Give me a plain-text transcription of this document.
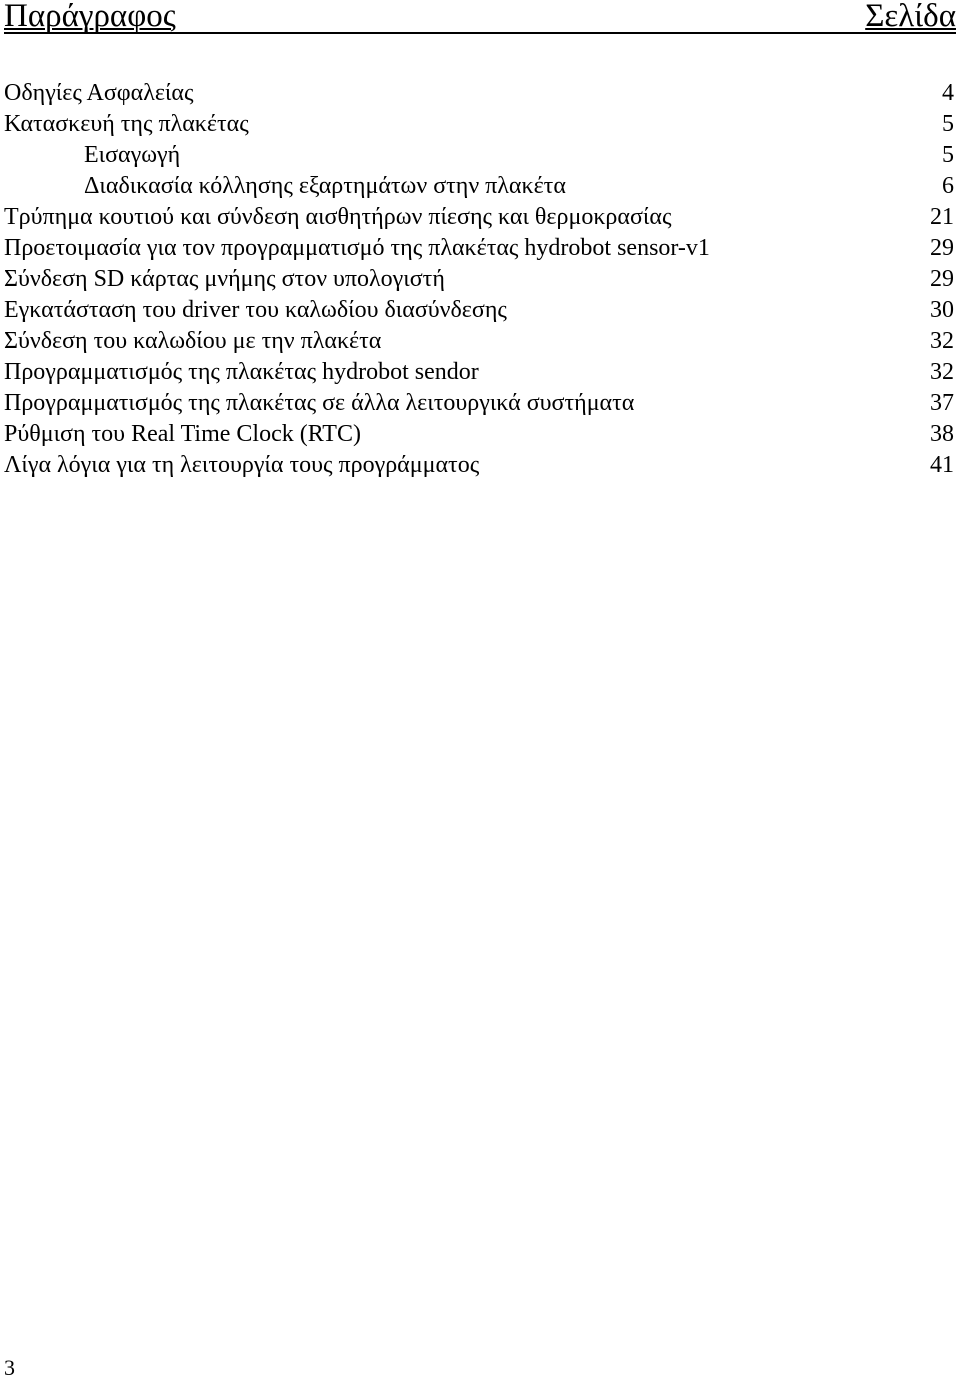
Παράγραφος	Σελίδα
Οδηγίες Ασφαλείας	4
Κατασκευή της πλακέτας	5
Εισαγωγή	5
Διαδικασία κόλλησης εξαρτημάτων στην πλακέτα	6
Τρύπημα κουτιού και σύνδεση αισθητήρων πίεσης και θερμοκρασίας	21
Προετοιμασία για τον προγραμματισμό της πλακέτας hydrobot sensor-v1	29
Σύνδεση SD κάρτας μνήμης στον υπολογιστή	29
Εγκατάσταση του driver του καλωδίου διασύνδεσης	30
Σύνδεση του καλωδίου με την πλακέτα	32
Προγραμματισμός της πλακέτας hydrobot sendor	32
Προγραμματισμός της πλακέτας σε άλλα λειτουργικά συστήματα	37
Ρύθμιση του Real Time Clock (RTC)	38
Λίγα λόγια για τη λειτουργία τους προγράμματος	41
3
